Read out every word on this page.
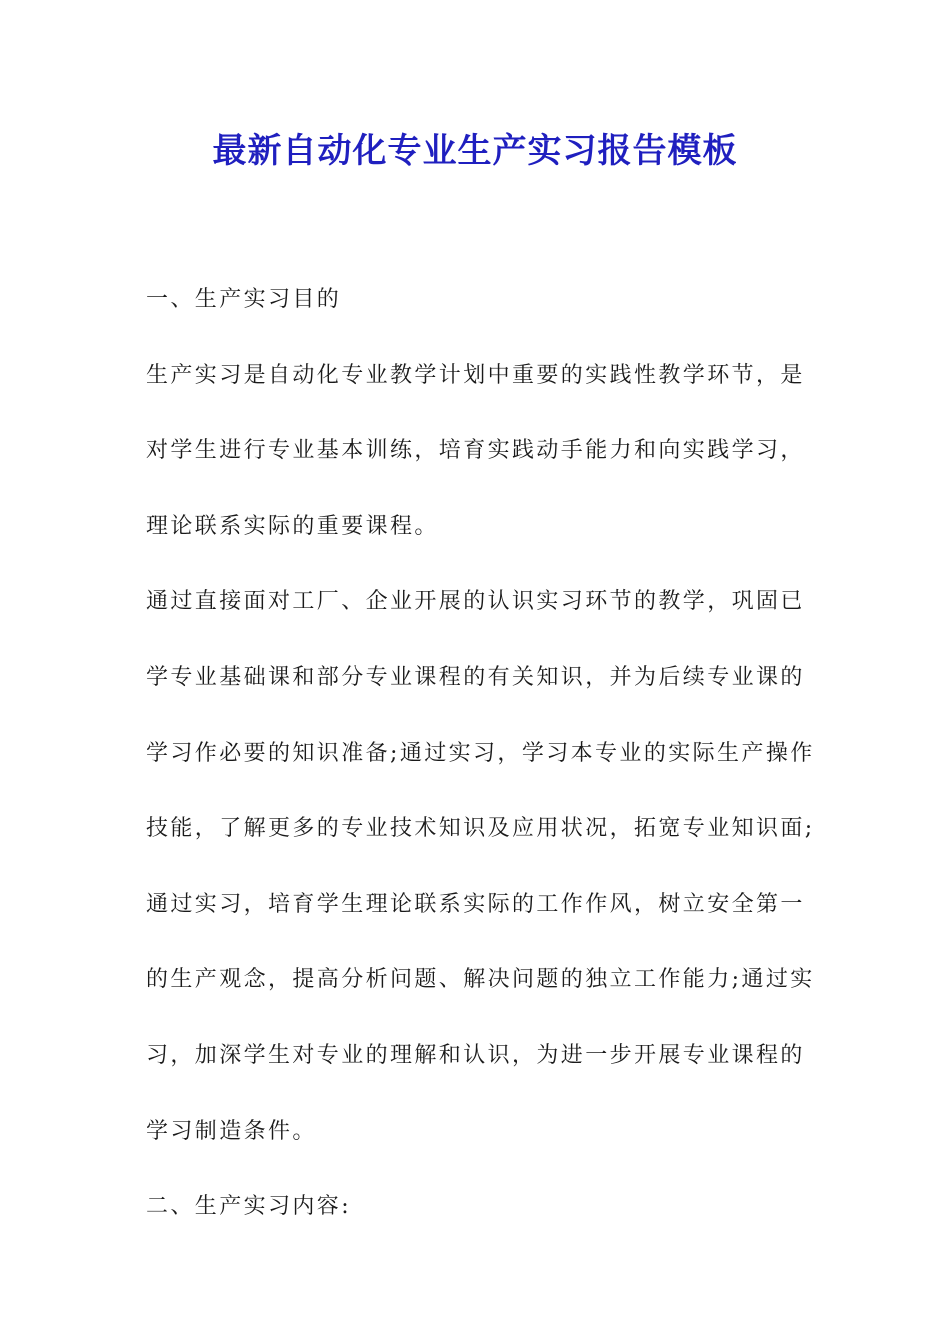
最新自动化专业生产实习报告模板
一、生产实习目的
生产实习是自动化专业教学计划中重要的实践性教学环节，是
对学生进行专业基本训练，培育实践动手能力和向实践学习，
理论联系实际的重要课程。
通过直接面对工厂、企业开展的认识实习环节的教学，巩固已
学专业基础课和部分专业课程的有关知识，并为后续专业课的
学习作必要的知识准备;通过实习，学习本专业的实际生产操作
技能，了解更多的专业技术知识及应用状况，拓宽专业知识面;
通过实习，培育学生理论联系实际的工作作风，树立安全第一
的生产观念，提高分析问题、解决问题的独立工作能力;通过实
习，加深学生对专业的理解和认识，为进一步开展专业课程的
学习制造条件。
二、生产实习内容:
